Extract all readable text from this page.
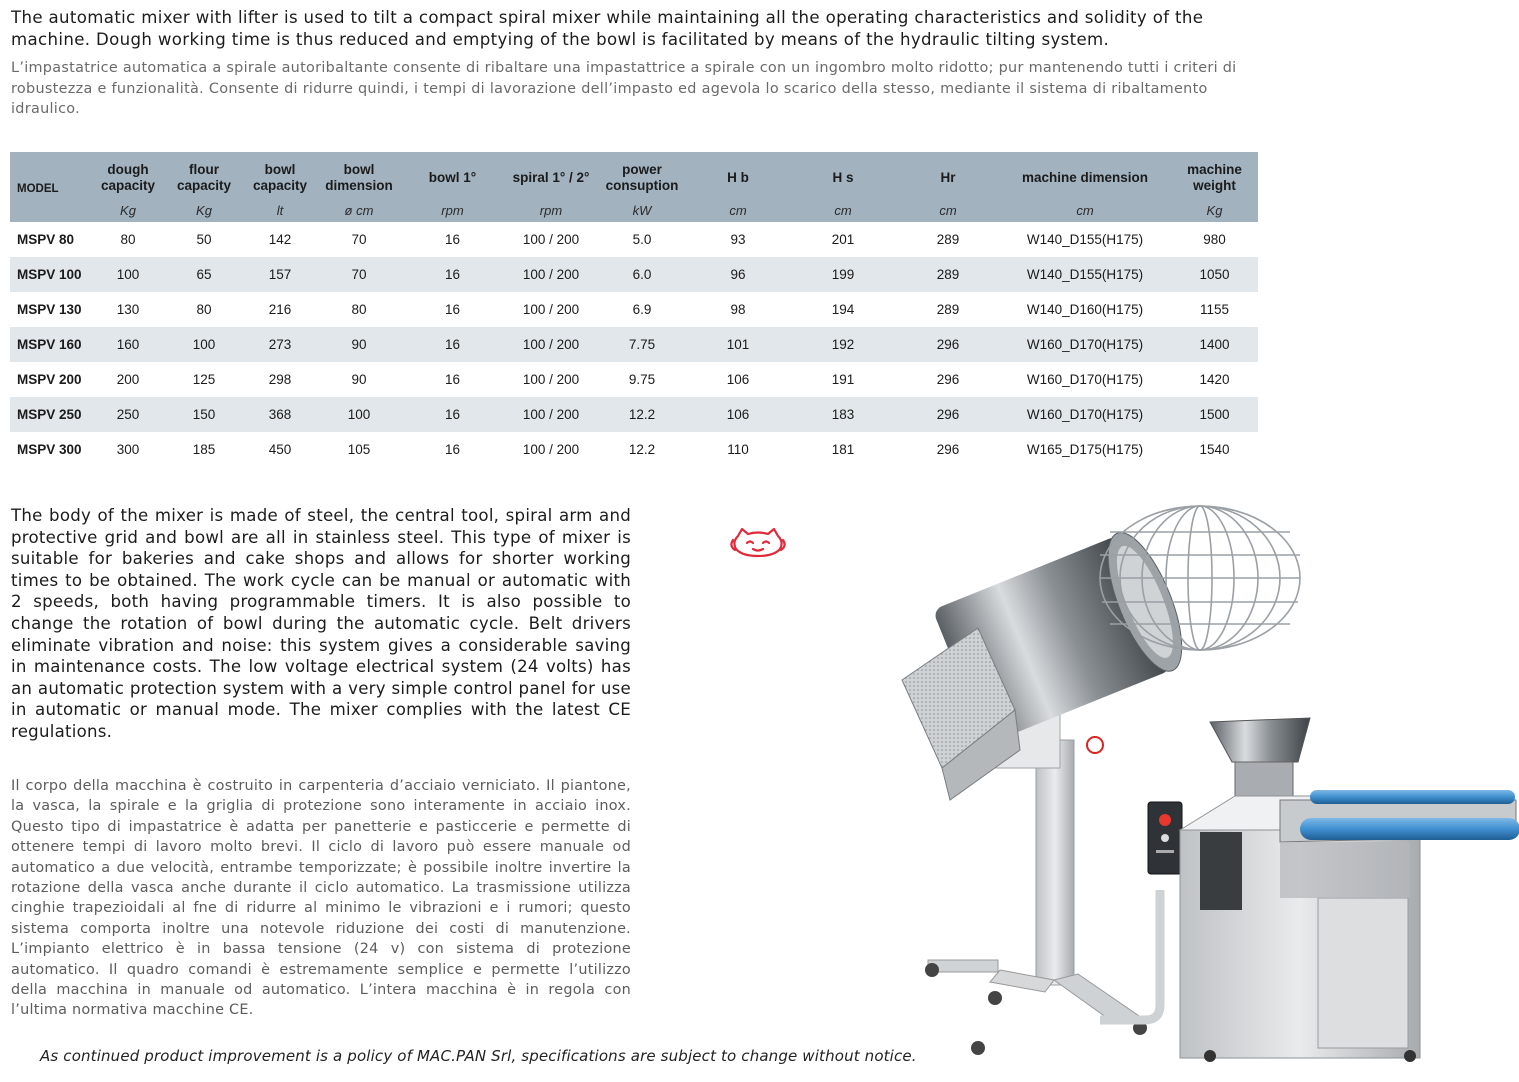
The automatic mixer with lifter is used to tilt a compact spiral mixer while maintaining all the operating characteristics and solidity of the machine. Dough working time is thus reduced and emptying of the bowl is facilitated by means of the hydraulic tilting system.

L’impastatrice automatica a spirale autoribaltante consente di ribaltare una impastattrice a spirale con un ingombro molto ridotto; pur mantenendo tutti i criteri di robustezza e funzionalità. Consente di ridurre quindi, i tempi di lavorazione dell’impasto ed agevola lo scarico della stesso, mediante il sistema di ribaltamento idraulico.

MODEL	dough capacity	flour capacity	bowl capacity	bowl dimension	bowl 1°	spiral 1° / 2°	power consuption	H b	H s	Hr	machine dimension	machine weight
	Kg	Kg	lt	ø cm	rpm	rpm	kW	cm	cm	cm	cm	Kg
MSPV 80	80	50	142	70	16	100 / 200	5.0	93	201	289	W140_D155(H175)	980
MSPV 100	100	65	157	70	16	100 / 200	6.0	96	199	289	W140_D155(H175)	1050
MSPV 130	130	80	216	80	16	100 / 200	6.9	98	194	289	W140_D160(H175)	1155
MSPV 160	160	100	273	90	16	100 / 200	7.75	101	192	296	W160_D170(H175)	1400
MSPV 200	200	125	298	90	16	100 / 200	9.75	106	191	296	W160_D170(H175)	1420
MSPV 250	250	150	368	100	16	100 / 200	12.2	106	183	296	W160_D170(H175)	1500
MSPV 300	300	185	450	105	16	100 / 200	12.2	110	181	296	W165_D175(H175)	1540

The body of the mixer is made of steel, the central tool, spiral arm and protective grid and bowl are all in stainless steel. This type of mixer is suitable for bakeries and cake shops and allows for shorter working times to be obtained. The work cycle can be manual or automatic with 2 speeds, both having programmable timers. It is also possible to change the rotation of bowl during the automatic cycle. Belt drivers eliminate vibration and noise: this system gives a considerable saving in maintenance costs. The low voltage electrical system (24 volts) has an automatic protection system with a very simple control panel for use in automatic or manual mode. The mixer complies with the latest CE regulations.

Il corpo della macchina è costruito in carpenteria d’acciaio verniciato. Il piantone, la vasca, la spirale e la griglia di protezione sono interamente in acciaio inox. Questo tipo di impastatrice è adatta per panetterie e pasticcerie e permette di ottenere tempi di lavoro molto brevi. Il ciclo di lavoro può essere manuale od automatico a due velocità, entrambe temporizzate; è possibile inoltre invertire la rotazione della vasca anche durante il ciclo automatico. La trasmissione utilizza cinghie trapezioidali al fne di ridurre al minimo le vibrazioni e i rumori; questo sistema comporta inoltre una notevole riduzione dei costi di manutenzione. L’impianto elettrico è in bassa tensione (24 v) con sistema di protezione automatico. Il quadro comandi è estremamente semplice e permette l’utilizzo della macchina in manuale od automatico. L’intera macchina è in regola con l’ultima normativa macchine CE.

As continued product improvement is a policy of MAC.PAN Srl, specifications are subject to change without notice.
